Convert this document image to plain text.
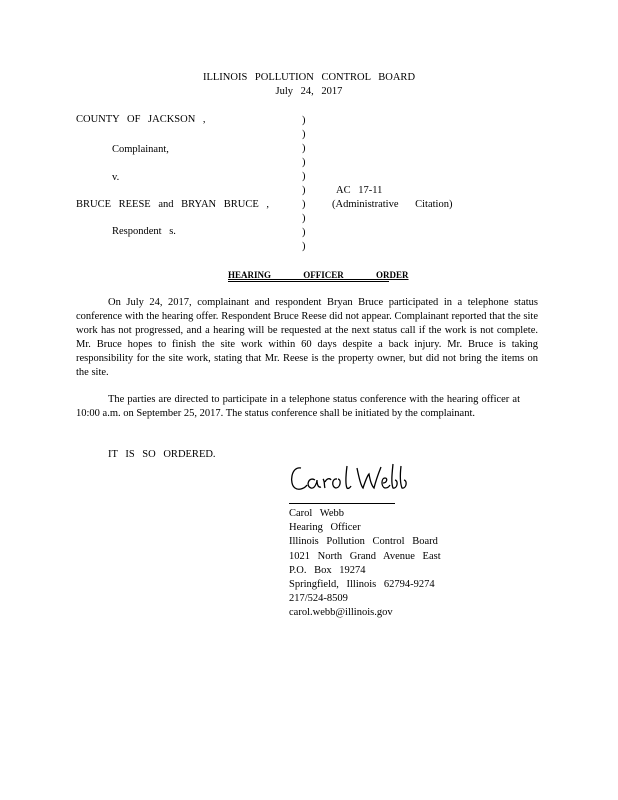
ILLINOIS POLLUTION CONTROL BOARD
July 24, 2017
COUNTY OF JACKSON ,
Complainant,
v.
BRUCE REESE and BRYAN BRUCE ,
Respondent s.
)
)
)
)
)
)
)
)
)
)
AC 17-11
(Administrative Citation)
HEARING OFFICER ORDER
On July 24, 2017, complainant and respondent Bryan Bruce participated in a telephone status conference with the hearing offer. Respondent Bruce Reese did not appear. Complainant reported that the site work has not progressed, and a hearing will be requested at the next status call if the work is not complete. Mr. Bruce hopes to finish the site work within 60 days despite a back injury. Mr. Bruce is taking responsibility for the site work, stating that Mr. Reese is the property owner, but did not bring the items on the site.
The parties are directed to participate in a telephone status conference with the hearing officer at 10:00 a.m. on September 25, 2017. The status conference shall be initiated by the complainant.
IT IS SO ORDERED.
Carol Webb
Hearing Officer
Illinois Pollution Control Board
1021 North Grand Avenue East
P.O. Box 19274
Springfield, Illinois 62794-9274
217/524-8509
carol.webb@illinois.gov
